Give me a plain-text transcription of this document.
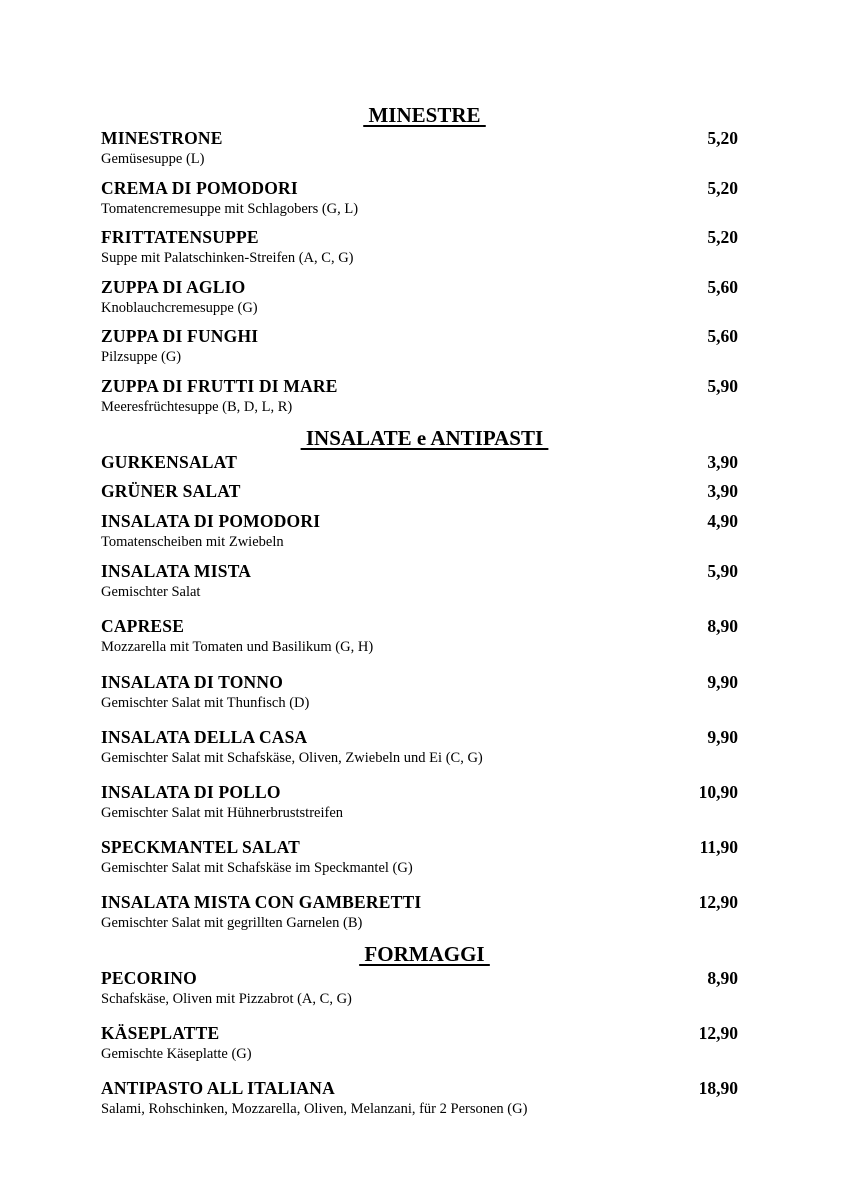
MINESTRE
MINESTRONE
Gemüsesuppe (L)
5,20
CREMA DI POMODORI
Tomatencremesuppe mit Schlagobers (G, L)
5,20
FRITTATENSUPPE
Suppe mit Palatschinken-Streifen (A, C, G)
5,20
ZUPPA DI AGLIO
Knoblauchcremesuppe (G)
5,60
ZUPPA DI FUNGHI
Pilzsuppe (G)
5,60
ZUPPA DI FRUTTI DI MARE
Meeresfrüchtesuppe (B, D, L, R)
5,90
INSALATE e ANTIPASTI
GURKENSALAT	3,90
GRÜNER SALAT	3,90
INSALATA DI POMODORI
Tomatenscheiben mit Zwiebeln
4,90
INSALATA MISTA
Gemischter Salat
5,90
CAPRESE
Mozzarella mit Tomaten und Basilikum (G, H)
8,90
INSALATA DI TONNO
Gemischter Salat mit Thunfisch (D)
9,90
INSALATA DELLA CASA
Gemischter Salat mit Schafskäse, Oliven, Zwiebeln und Ei (C, G)
9,90
INSALATA DI POLLO
Gemischter Salat mit Hühnerbruststreifen
10,90
SPECKMANTEL SALAT
Gemischter Salat mit Schafskäse im Speckmantel (G)
11,90
INSALATA MISTA CON GAMBERETTI
Gemischter Salat mit gegrillten Garnelen (B)
12,90
FORMAGGI
PECORINO
Schafskäse, Oliven mit Pizzabrot (A, C, G)
8,90
KÄSEPLATTE
Gemischte Käseplatte (G)
12,90
ANTIPASTO ALL ITALIANA
Salami, Rohschinken, Mozzarella, Oliven, Melanzani, für 2 Personen (G)
18,90
